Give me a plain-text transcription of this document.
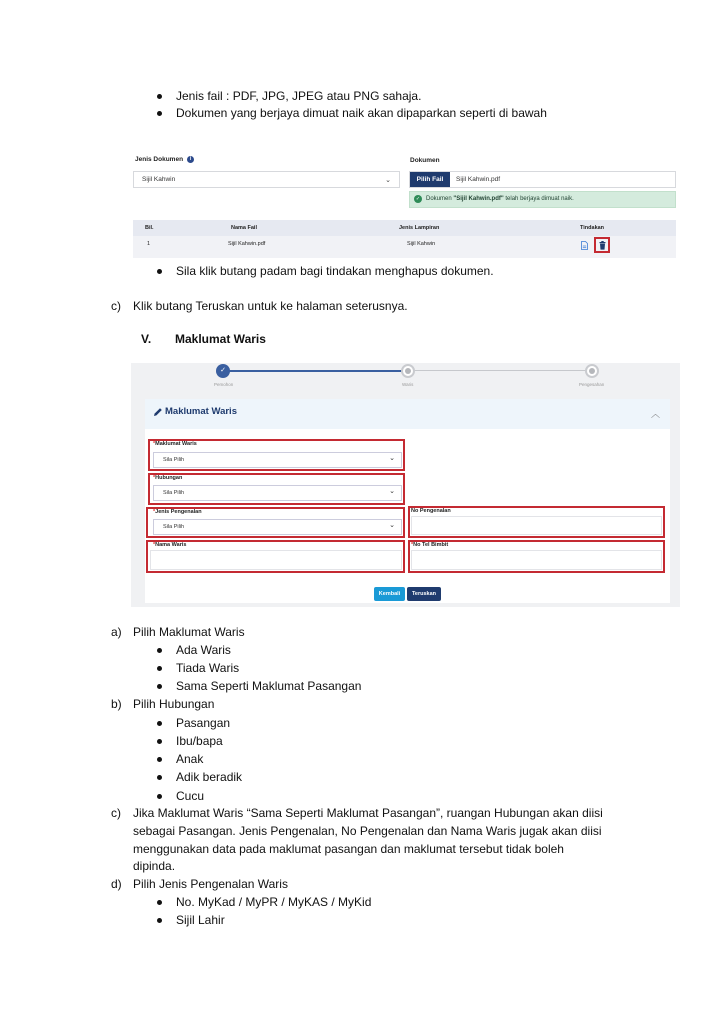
Jenis fail : PDF, JPG, JPEG atau PNG sahaja.
Dokumen yang berjaya dimuat naik akan dipaparkan seperti di bawah
Jenis Dokumen i
Sijil Kahwin	⌄
Dokumen
Pilih Fail	Sijil Kahwin.pdf
✓ Dokumen "Sijil Kahwin.pdf" telah berjaya dimuat naik.
Bil.	Nama Fail	Jenis Lampiran	Tindakan
1	Sijil Kahwin.pdf	Sijil Kahwin
Sila klik butang padam bagi tindakan menghapus dokumen.
c) Klik butang Teruskan untuk ke halaman seterusnya.
V. Maklumat Waris
✓
Pemohon	Waris	Pengesahan
Maklumat Waris	︿
*Maklumat Waris
Sila Pilih	⌄
*Hubungan
Sila Pilih	⌄
*Jenis Pengenalan
Sila Pilih	⌄
No Pengenalan
*Nama Waris	*No Tel Bimbit
Kembali	Teruskan
a) Pilih Maklumat Waris
Ada Waris
Tiada Waris
Sama Seperti Maklumat Pasangan
b) Pilih Hubungan
Pasangan
Ibu/bapa
Anak
Adik beradik
Cucu
c) Jika Maklumat Waris “Sama Seperti Maklumat Pasangan”, ruangan Hubungan akan diisi
sebagai Pasangan. Jenis Pengenalan, No Pengenalan dan Nama Waris jugak akan diisi
menggunakan data pada maklumat pasangan dan maklumat tersebut tidak boleh
dipinda.
d) Pilih Jenis Pengenalan Waris
No. MyKad / MyPR / MyKAS / MyKid
Sijil Lahir
